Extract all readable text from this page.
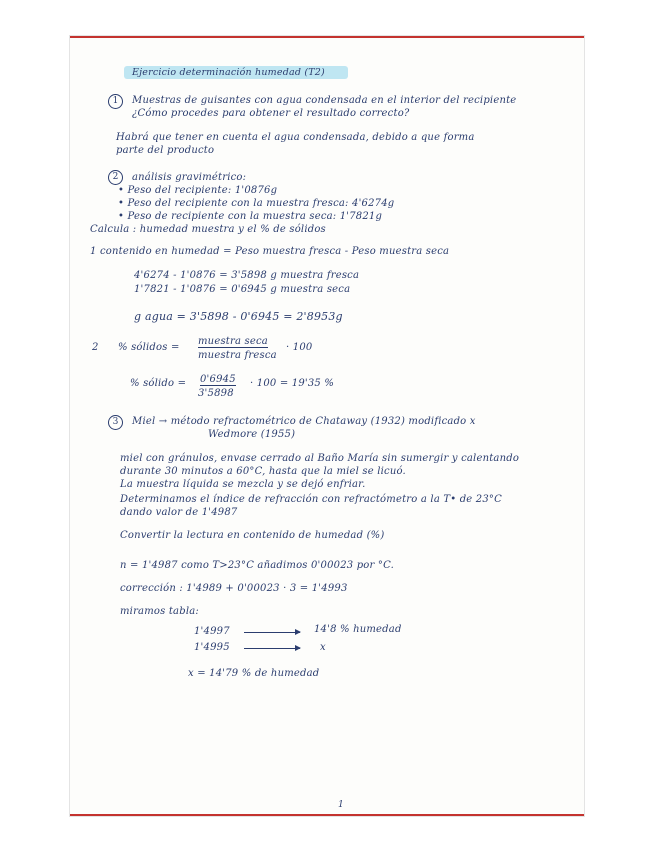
Ejercicio determinación humedad (T2)
1	Muestras de guisantes con agua condensada en el interior del recipiente
¿Cómo procedes para obtener el resultado correcto?
Habrá que tener en cuenta el agua condensada, debido a que forma
parte del producto
2	análisis gravimétrico:
• Peso del recipiente: 1'0876g
• Peso del recipiente con la muestra fresca: 4'6274g
• Peso de recipiente con la muestra seca: 1'7821g
Calcula : humedad muestra y el % de sólidos
1 contenido en humedad = Peso muestra fresca - Peso muestra seca
4'6274 - 1'0876 = 3'5898 g muestra fresca
1'7821 - 1'0876 = 0'6945 g muestra seca
g agua = 3'5898 - 0'6945 = 2'8953g
2 % sólidos =
muestra seca
muestra fresca
· 100
% sólido = 0'6945
3'5898
· 100 = 19'35 %
3	Miel → método refractométrico de Chataway (1932) modificado x
Wedmore (1955)
miel con gránulos, envase cerrado al Baño María sin sumergir y calentando
durante 30 minutos a 60°C, hasta que la miel se licuó.
La muestra líquida se mezcla y se dejó enfriar.
Determinamos el índice de refracción con refractómetro a la T• de 23°C
dando valor de 1'4987
Convertir la lectura en contenido de humedad (%)
n = 1'4987 como T>23°C añadimos 0'00023 por °C.
corrección : 1'4989 + 0'00023 · 3 = 1'4993
miramos tabla:
1'4997	14'8 % humedad
1'4995	x
x = 14'79 % de humedad
1
